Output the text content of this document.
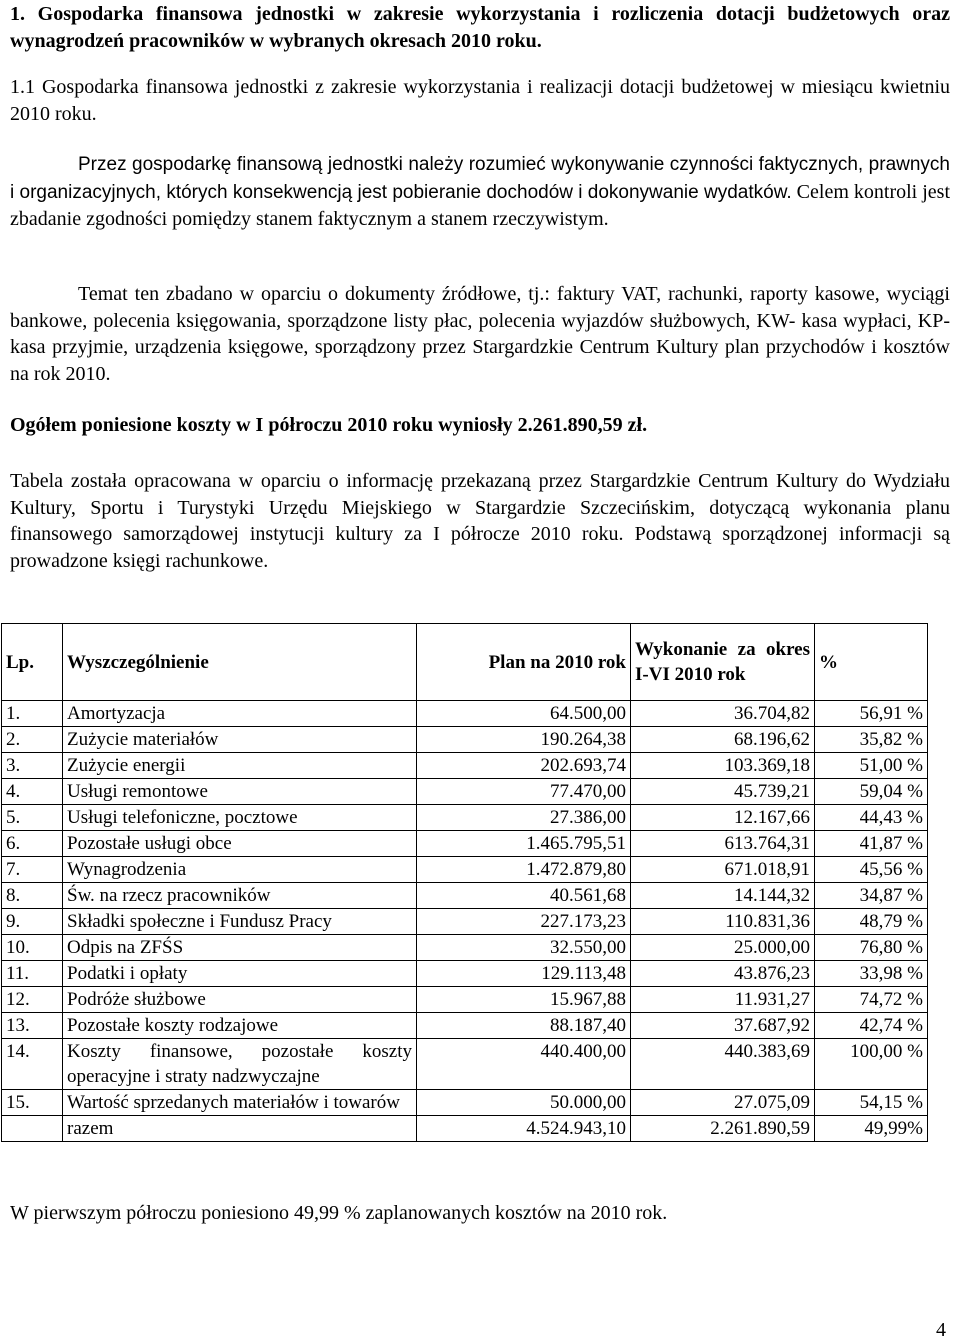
1. Gospodarka finansowa jednostki w zakresie wykorzystania i rozliczenia dotacji budżetowych oraz wynagrodzeń pracowników w wybranych okresach 2010 roku.
1.1 Gospodarka finansowa jednostki z zakresie wykorzystania i realizacji dotacji budżetowej w miesiącu kwietniu 2010 roku.
Przez gospodarkę finansową jednostki należy rozumieć wykonywanie czynności faktycznych, prawnych i organizacyjnych, których konsekwencją jest pobieranie dochodów i dokonywanie wydatków. Celem kontroli jest zbadanie zgodności pomiędzy stanem faktycznym a stanem rzeczywistym.
Temat ten zbadano w oparciu o dokumenty źródłowe, tj.: faktury VAT, rachunki, raporty kasowe, wyciągi bankowe, polecenia księgowania, sporządzone listy płac, polecenia wyjazdów służbowych, KW- kasa wypłaci, KP- kasa przyjmie, urządzenia księgowe, sporządzony przez Stargardzkie Centrum Kultury plan przychodów i kosztów na rok 2010.
Ogółem poniesione koszty w I półroczu 2010 roku wyniosły 2.261.890,59 zł.
Tabela została opracowana w oparciu o informację przekazaną przez Stargardzkie Centrum Kultury do Wydziału Kultury, Sportu i Turystyki Urzędu Miejskiego w Stargardzie Szczecińskim, dotyczącą wykonania planu finansowego samorządowej instytucji kultury za I półrocze 2010 roku. Podstawą sporządzonej informacji są prowadzone księgi rachunkowe.
Lp.	Wyszczególnienie	Plan na 2010 rok	Wykonanie za okres I-VI 2010 rok	%
1.	Amortyzacja	64.500,00	36.704,82	56,91 %
2.	Zużycie materiałów	190.264,38	68.196,62	35,82 %
3.	Zużycie energii	202.693,74	103.369,18	51,00 %
4.	Usługi remontowe	77.470,00	45.739,21	59,04 %
5.	Usługi telefoniczne, pocztowe	27.386,00	12.167,66	44,43 %
6.	Pozostałe usługi obce	1.465.795,51	613.764,31	41,87 %
7.	Wynagrodzenia	1.472.879,80	671.018,91	45,56 %
8.	Św. na rzecz pracowników	40.561,68	14.144,32	34,87 %
9.	Składki społeczne i Fundusz Pracy	227.173,23	110.831,36	48,79 %
10.	Odpis na ZFŚS	32.550,00	25.000,00	76,80 %
11.	Podatki i opłaty	129.113,48	43.876,23	33,98 %
12.	Podróże służbowe	15.967,88	11.931,27	74,72 %
13.	Pozostałe koszty rodzajowe	88.187,40	37.687,92	42,74 %
14.	Koszty finansowe, pozostałe koszty operacyjne i straty nadzwyczajne	440.400,00	440.383,69	100,00 %
15.	Wartość sprzedanych materiałów i towarów	50.000,00	27.075,09	54,15 %

	razem	4.524.943,10	2.261.890,59	49,99%
W pierwszym półroczu poniesiono 49,99 % zaplanowanych kosztów na 2010 rok.
4
